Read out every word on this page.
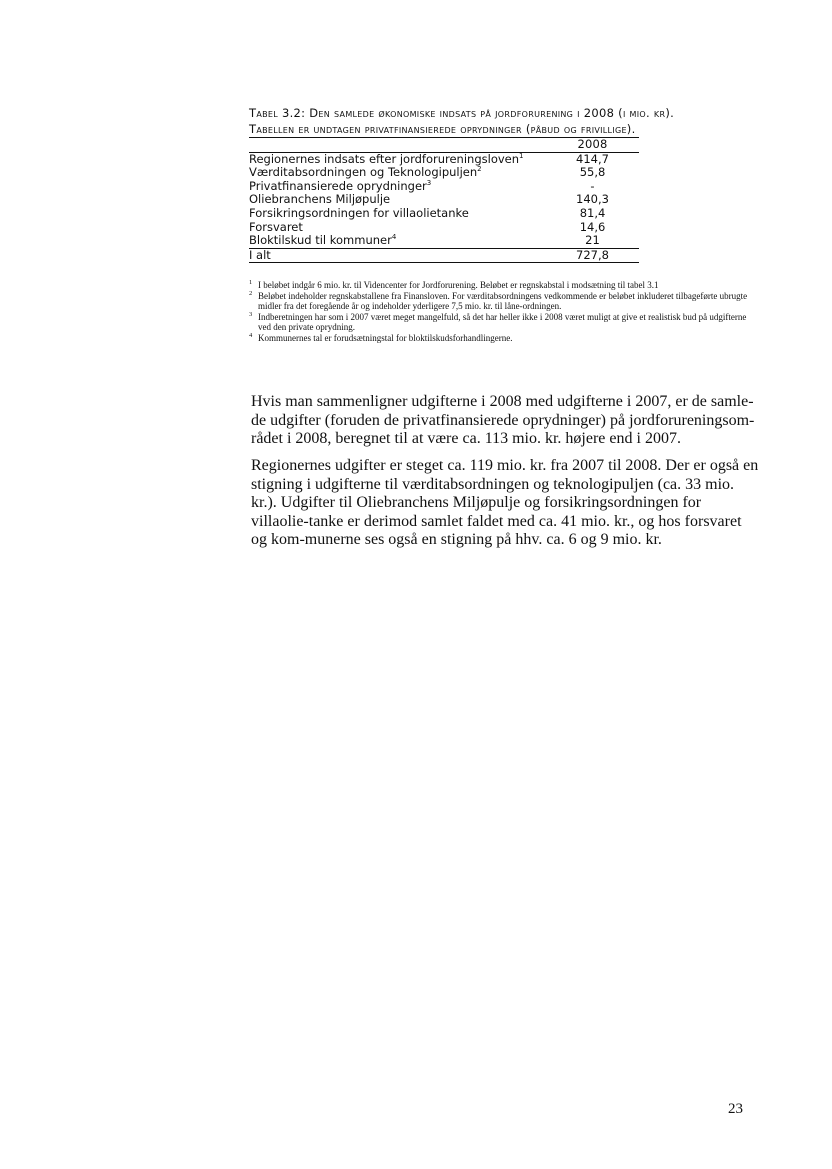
Tabel 3.2: Den samlede økonomiske indsats på jordforurening i 2008 (i mio. kr).
Tabellen er undtagen privatfinansierede oprydninger (påbud og frivillige).
2008
Regionernes indsats efter jordforureningsloven$^1$	414,7
Værditabsordningen og Teknologipuljen$^2$	55,8
Privatfinansierede oprydninger$^3$	-
Oliebranchens Miljøpulje	140,3
Forsikringsordningen for villaolietanke	81,4
Forsvaret	14,6
Bloktilskud til kommuner$^4$	21
I alt	727,8
1 I beløbet indgår 6 mio. kr. til Videncenter for Jordforurening. Beløbet er regnskabstal i modsætning til tabel 3.1
2 Beløbet indeholder regnskabstallene fra Finansloven. For værditabsordningens vedkommende er beløbet inkluderet tilbageførte ubrugte midler fra det foregående år og indeholder yderligere 7,5 mio. kr. til låne-ordningen.
3 Indberetningen har som i 2007 været meget mangelfuld, så det har heller ikke i 2008 været muligt at give et realistisk bud på udgifterne ved den private oprydning.
4 Kommunernes tal er forudsætningstal for bloktilskudsforhandlingerne.

Hvis man sammenligner udgifterne i 2008 med udgifterne i 2007, er de samle-de udgifter (foruden de privatfinansierede oprydninger) på jordforureningsom-rådet i 2008, beregnet til at være ca. 113 mio. kr. højere end i 2007.

Regionernes udgifter er steget ca. 119 mio. kr. fra 2007 til 2008. Der er også en stigning i udgifterne til værditabsordningen og teknologipuljen (ca. 33 mio. kr.). Udgifter til Oliebranchens Miljøpulje og forsikringsordningen for villaolie-tanke er derimod samlet faldet med ca. 41 mio. kr., og hos forsvaret og kom-munerne ses også en stigning på hhv. ca. 6 og 9 mio. kr.

23
